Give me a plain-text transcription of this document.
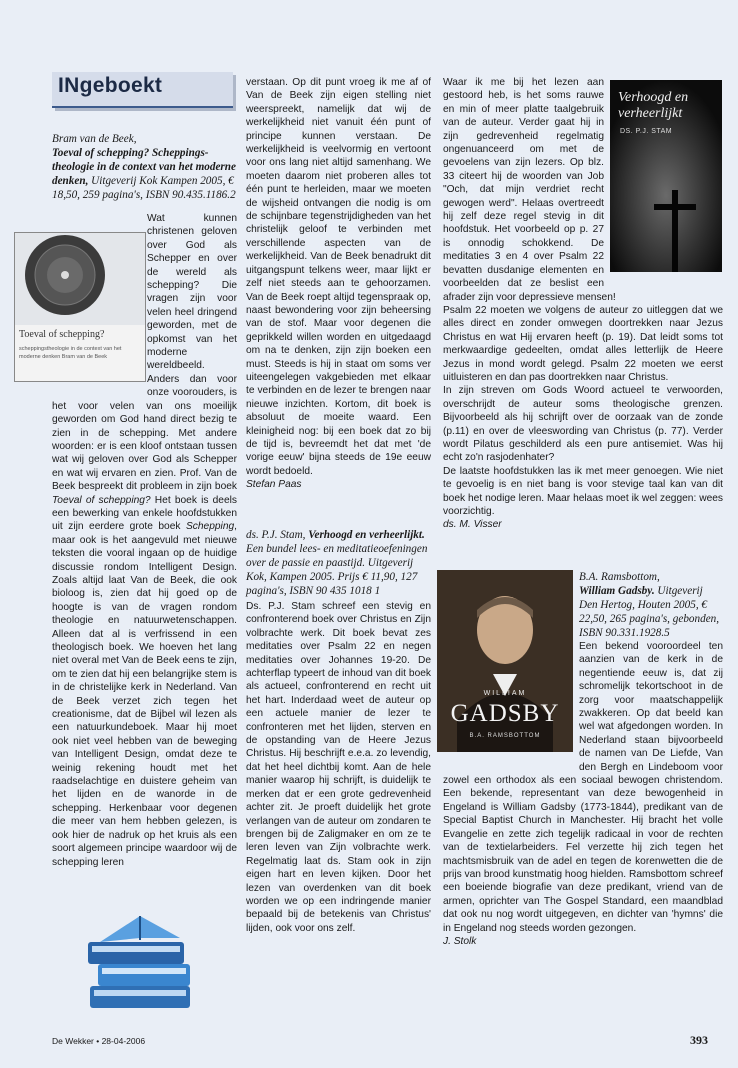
INgeboekt
Bram van de Beek,
Toeval of schepping? Scheppings-theologie in de context van het moderne denken, Uitgeverij Kok Kampen 2005, € 18,50, 259 pagina's, ISBN 90.435.1186.2
Toeval of schepping?
scheppingstheologie in de context van het moderne denken Bram van de Beek

Wat kunnen christenen geloven over God als Schepper en over de wereld als schepping? Die vragen zijn voor velen heel dringend geworden, met de opkomst van het moderne wereldbeeld. Anders dan voor onze voorouders, is het voor velen van ons moeilijk geworden om God hand direct bezig te zien in de schepping. Met andere woorden: er is een kloof ontstaan tussen wat wij geloven over God als Schepper en wat wij ervaren en zien. Prof. Van de Beek bespreekt dit probleem in zijn boek Toeval of schepping? Het boek is deels een bewerking van enkele hoofdstukken uit zijn eerdere grote boek Schepping, maar ook is het aangevuld met nieuwe teksten die vooral ingaan op de huidige discussie rondom Intelligent Design. Zoals altijd laat Van de Beek, die ook bioloog is, zien dat hij goed op de hoogte is van de vragen rondom theologie en natuurwetenschappen. Alleen dat al is verfrissend in een theologisch boek. We hoeven het lang niet overal met Van de Beek eens te zijn, om te zien dat hij een belangrijke stem is in de christelijke kerk in Nederland. Van de Beek verzet zich tegen het creationisme, dat de Bijbel wil lezen als een natuurkundeboek. Maar hij moet ook niet veel hebben van de beweging van Intelligent Design, omdat deze te weinig rekening houdt met het raadselachtige en duistere geheim van het lijden en de wanorde in de schepping. Herkenbaar voor degenen die meer van hem hebben gelezen, is ook hier de nadruk op het kruis als een soort algemeen principe waardoor wij de schepping leren

verstaan. Op dit punt vroeg ik me af of Van de Beek zijn eigen stelling niet weerspreekt, namelijk dat wij de werkelijkheid niet vanuit één punt of principe kunnen verstaan. De werkelijkheid is veelvormig en vertoont voor ons lang niet altijd samenhang. We moeten daarom niet proberen alles tot één punt te herleiden, maar we moeten de wijsheid ontvangen die nodig is om de schijnbare tegenstrijdigheden van het christelijk geloof te verbinden met verschillende aspecten van de werkelijkheid. Van de Beek benadrukt dit uitgangspunt telkens weer, maar lijkt er zelf niet steeds aan te gehoorzamen. Van de Beek roept altijd tegenspraak op, naast bewondering voor zijn beheersing van de stof. Maar voor degenen die geprikkeld willen worden en uitgedaagd om na te denken, zijn zijn boeken een must. Steeds is hij in staat om soms ver uiteengelegen vakgebieden met elkaar te verbinden en de lezer te brengen naar nieuwe inzichten. Kortom, dit boek is absoluut de moeite waard. Een kleinigheid nog: bij een boek dat zo bij de tijd is, bevreemdt het dat met 'de vorige eeuw' bijna steeds de 19e eeuw wordt bedoeld.

Stefan Paas

ds. P.J. Stam, Verhoogd en verheerlijkt. Een bundel lees- en meditatieoefeningen over de passie en paastijd. Uitgeverij Kok, Kampen 2005. Prijs € 11,90, 127 pagina's, ISBN 90 435 1018 1

Ds. P.J. Stam schreef een stevig en confronterend boek over Christus en Zijn volbrachte werk. Dit boek bevat zes meditaties over Psalm 22 en negen meditaties over Johannes 19-20. De achterflap typeert de inhoud van dit boek als actueel, confronterend en recht uit het hart. Inderdaad weet de auteur op een actuele manier de lezer te confronteren met het lijden, sterven en de opstanding van de Heere Jezus Christus. Hij beschrijft e.e.a. zo levendig, dat het heel dichtbij komt. Aan de hele manier waarop hij schrijft, is duidelijk te merken dat er een grote gedrevenheid achter zit. Je proeft duidelijk het grote verlangen van de auteur om zondaren te brengen bij de Zaligmaker en om ze te leren leven van Zijn volbrachte werk. Regelmatig laat ds. Stam ook in zijn eigen hart en leven kijken. Door het lezen van overdenken van dit boek worden we op een indringende manier bepaald bij de betekenis van Christus' lijden, ook voor ons zelf.

Verhoogd en verheerlijkt
DS. P.J. STAM

Waar ik me bij het lezen aan gestoord heb, is het soms rauwe en min of meer platte taalgebruik van de auteur. Verder gaat hij in zijn gedrevenheid regelmatig ongenuanceerd om met de gevoelens van zijn lezers. Op blz. 33 citeert hij de woorden van Job "Och, dat mijn verdriet recht gewogen werd". Helaas overtreedt hij zelf deze regel stevig in dit hoofdstuk. Het voorbeeld op p. 27 is onnodig schokkend. De meditaties 3 en 4 over Psalm 22 bevatten dusdanige elementen en voorbeelden dat ze beslist een afrader zijn voor depressieve mensen!

Psalm 22 moeten we volgens de auteur zo uitleggen dat we alles direct en zonder omwegen doortrekken naar Jezus Christus en wat Hij ervaren heeft (p. 19). Dat leidt soms tot merkwaardige gedeelten, omdat alles letterlijk de Heere Jezus in mond wordt gelegd. Psalm 22 moeten we eerst uitluisteren en dan pas doortrekken naar Christus.

In zijn streven om Gods Woord actueel te verwoorden, overschrijdt de auteur soms theologische grenzen. Bijvoorbeeld als hij schrijft over de oorzaak van de zonde (p.11) en over de vleeswording van Christus (p. 77). Verder wordt Pilatus geschilderd als een pure antisemiet. Was hij echt zo'n rasjodenhater?

De laatste hoofdstukken las ik met meer genoegen. Wie niet te gevoelig is en niet bang is voor stevige taal kan van dit boek het nodige leren. Maar helaas moet ik wel zeggen: wees voorzichtig.

ds. M. Visser

WILLIAM
GADSBY
B.A. RAMSBOTTOM
B.A. Ramsbottom,
William Gadsby. Uitgeverij Den Hertog, Houten 2005, € 22,50, 265 pagina's, gebonden, ISBN 90.331.1928.5

Een bekend vooroordeel ten aanzien van de kerk in de negentiende eeuw is, dat zij schromelijk tekortschoot in de zorg voor maatschappelijk zwakkeren. Op dat beeld kan wel wat afgedongen worden. In Nederland staan bijvoorbeeld de namen van De Liefde, Van den Bergh en Lindeboom voor zowel een orthodox als een sociaal bewogen christendom. Een bekende, representant van deze bewogenheid in Engeland is William Gadsby (1773-1844), predikant van de Special Baptist Church in Manchester. Hij bracht het volle Evangelie en zette zich tegelijk radicaal in voor de rechten van de textielarbeiders. Fel verzette hij zich tegen het machtsmisbruik van de adel en tegen de korenwetten die de prijs van brood kunstmatig hoog hielden. Ramsbottom schreef een boeiende biografie van deze predikant, vriend van de armen, oprichter van The Gospel Standard, een maandblad dat ook nu nog wordt uitgegeven, en dichter van 'hymns' die in Engeland nog steeds worden gezongen.

J. Stolk

De Wekker • 28-04-2006	393
